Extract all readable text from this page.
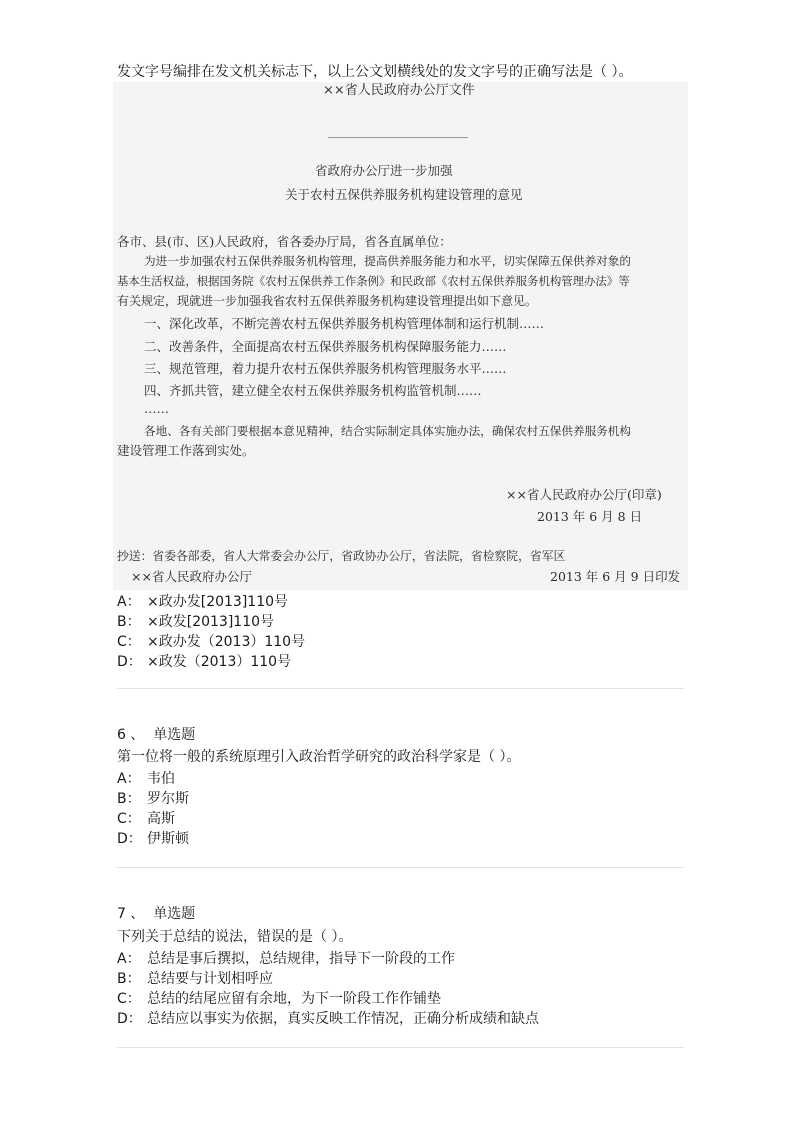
发文字号编排在发文机关标志下，以上公文划横线处的发文字号的正确写法是（ ）。
××省人民政府办公厅文件
省政府办公厅进一步加强
关于农村五保供养服务机构建设管理的意见
各市、县(市、区)人民政府，省各委办厅局，省各直属单位：
为进一步加强农村五保供养服务机构管理，提高供养服务能力和水平，切实保障五保供养对象的
基本生活权益，根据国务院《农村五保供养工作条例》和民政部《农村五保供养服务机构管理办法》等
有关规定，现就进一步加强我省农村五保供养服务机构建设管理提出如下意见。
一、深化改革，不断完善农村五保供养服务机构管理体制和运行机制……
二、改善条件，全面提高农村五保供养服务机构保障服务能力……
三、规范管理，着力提升农村五保供养服务机构管理服务水平……
四、齐抓共管，建立健全农村五保供养服务机构监管机制……
……
各地、各有关部门要根据本意见精神，结合实际制定具体实施办法，确保农村五保供养服务机构
建设管理工作落到实处。
××省人民政府办公厅(印章)
2013 年 6 月 8 日
抄送：省委各部委，省人大常委会办公厅，省政协办公厅，省法院，省检察院，省军区
××省人民政府办公厅	2013 年 6 月 9 日印发
A： ×政办发[2013]110号
B： ×政发[2013]110号
C： ×政办发（2013）110号
D： ×政发（2013）110号
6 、 单选题
第一位将一般的系统原理引入政治哲学研究的政治科学家是（ ）。
A： 韦伯
B： 罗尔斯
C： 高斯
D： 伊斯顿
7 、 单选题
下列关于总结的说法，错误的是（ ）。
A： 总结是事后撰拟，总结规律，指导下一阶段的工作
B： 总结要与计划相呼应
C： 总结的结尾应留有余地，为下一阶段工作作铺垫
D： 总结应以事实为依据，真实反映工作情况，正确分析成绩和缺点
